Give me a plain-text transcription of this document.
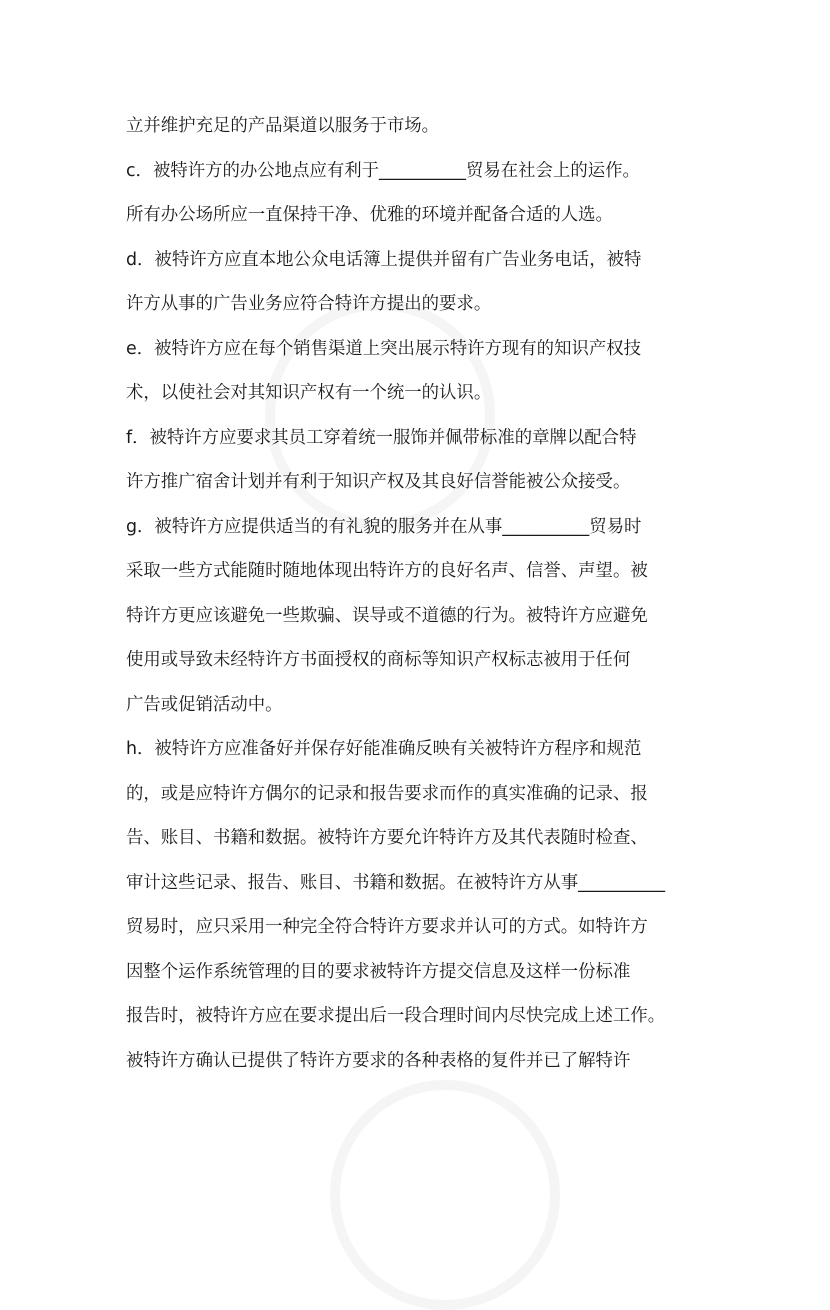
立并维护充足的产品渠道以服务于市场。
c．被特许方的办公地点应有利于__________贸易在社会上的运作。
所有办公场所应一直保持干净、优雅的环境并配备合适的人选。
d．被特许方应直本地公众电话簿上提供并留有广告业务电话，被特
许方从事的广告业务应符合特许方提出的要求。
e．被特许方应在每个销售渠道上突出展示特许方现有的知识产权技
术，以使社会对其知识产权有一个统一的认识。
f．被特许方应要求其员工穿着统一服饰并佩带标准的章牌以配合特
许方推广宿舍计划并有利于知识产权及其良好信誉能被公众接受。
g．被特许方应提供适当的有礼貌的服务并在从事__________贸易时
采取一些方式能随时随地体现出特许方的良好名声、信誉、声望。被
特许方更应该避免一些欺骗、误导或不道德的行为。被特许方应避免
使用或导致未经特许方书面授权的商标等知识产权标志被用于任何
广告或促销活动中。
h．被特许方应准备好并保存好能准确反映有关被特许方程序和规范
的，或是应特许方偶尔的记录和报告要求而作的真实准确的记录、报
告、账目、书籍和数据。被特许方要允许特许方及其代表随时检查、
审计这些记录、报告、账目、书籍和数据。在被特许方从事__________
贸易时，应只采用一种完全符合特许方要求并认可的方式。如特许方
因整个运作系统管理的目的要求被特许方提交信息及这样一份标准
报告时，被特许方应在要求提出后一段合理时间内尽快完成上述工作。
被特许方确认已提供了特许方要求的各种表格的复件并已了解特许
